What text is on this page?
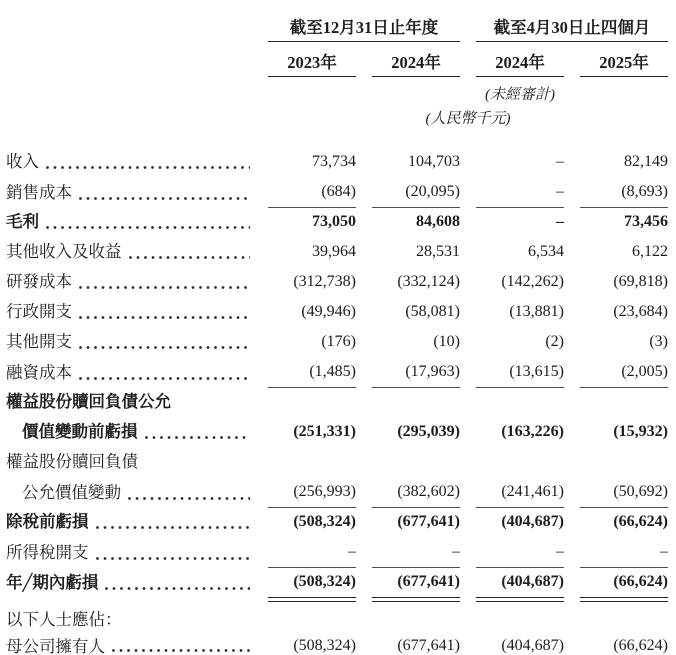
截至12月31日止年度	截至4月30日止四個月
2023年	2024年	2024年	2025年
(未經審計)
(人民幣千元)
收入	73,734	104,703	–	82,149
銷售成本	(684)	(20,095)	–	(8,693)
毛利	73,050	84,608	–	73,456
其他收入及收益	39,964	28,531	6,534	6,122
研發成本	(312,738)	(332,124)	(142,262)	(69,818)
行政開支	(49,946)	(58,081)	(13,881)	(23,684)
其他開支	(176)	(10)	(2)	(3)
融資成本	(1,485)	(17,963)	(13,615)	(2,005)
權益股份贖回負債公允
價值變動前虧損	(251,331)	(295,039)	(163,226)	(15,932)
權益股份贖回負債
公允價值變動	(256,993)	(382,602)	(241,461)	(50,692)
除稅前虧損	(508,324)	(677,641)	(404,687)	(66,624)
所得稅開支	–	–	–	–
年╱期內虧損	(508,324)	(677,641)	(404,687)	(66,624)
以下人士應佔：
母公司擁有人	(508,324)	(677,641)	(404,687)	(66,624)
